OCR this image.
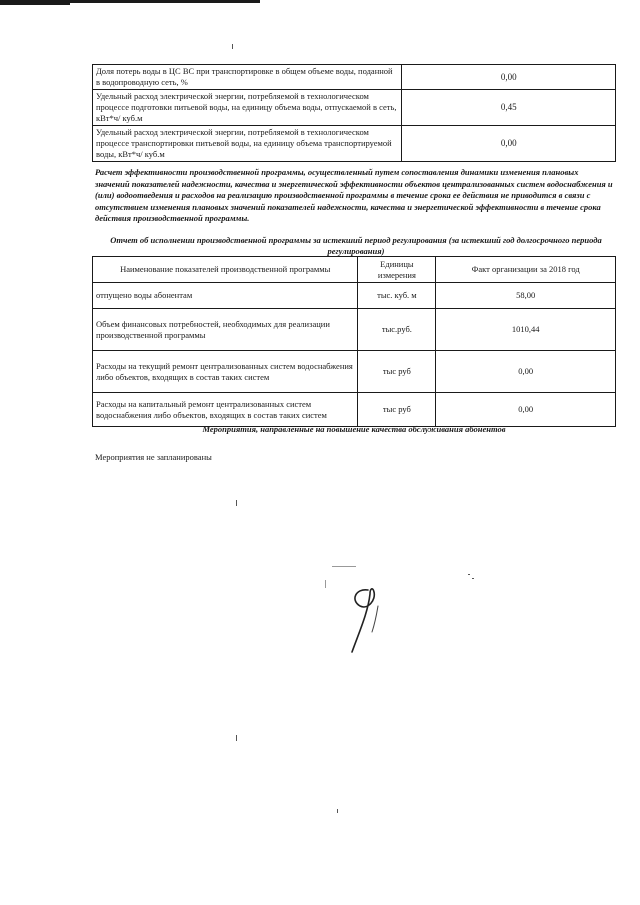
Доля потерь воды в ЦС ВС при транспортировке в общем объеме воды, поданной в водопроводную сеть, %	0,00
Удельный расход электрической энергии, потребляемой в технологическом процессе подготовки питьевой воды, на единицу объема воды, отпускаемой в сеть, кВт*ч/ куб.м	0,45
Удельный расход электрической энергии, потребляемой в технологическом процессе транспортировки питьевой воды, на единицу объема транспортируемой воды, кВт*ч/ куб.м	0,00
Расчет эффективности производственной программы, осуществленный путем сопоставления динамики изменения плановых значений показателей надежности, качества и энергетической эффективности объектов централизованных систем водоснабжения и (или) водоотведения и расходов на реализацию производственной программы в течение срока ее действия не приводится в связи с отсутствием изменения плановых значений показателей надежности, качества и энергетической эффективности в течение срока действия производственной программы.
Отчет об исполнении производственной программы за истекший период регулирования (за истекший год долгосрочного периода регулирования)
Наименование показателей производственной программы	Единицы измерения	Факт организации за 2018 год
отпущено воды абонентам	тыс. куб. м	58,00
Объем финансовых потребностей, необходимых для реализации производственной программы	тыс.руб.	1010,44
Расходы на текущий ремонт централизованных систем водоснабжения либо объектов, входящих в состав таких систем	тыс руб	0,00
Расходы на капитальный ремонт централизованных систем водоснабжения либо объектов, входящих в состав таких систем	тыс руб	0,00
Мероприятия, направленные на повышение качества обслуживания абонентов
Мероприятия не запланированы
